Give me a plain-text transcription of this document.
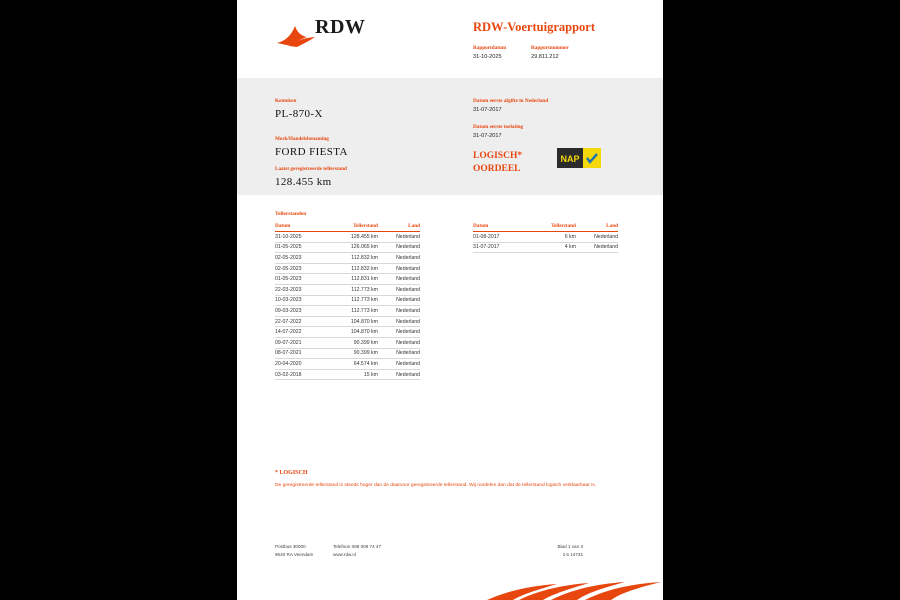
RDW	RDW-Voertuigrapport
Rapportdatum
31-10-2025
Rapportnummer
29.811.212
Kenteken
PL-870-X
Merk/Handelsbenaming
FORD FIESTA
Datum eerste afgifte in Nederland
31-07-2017
Datum eerste toelating
31-07-2017
LOGISCH*
OORDEEL
NAP
Laatst geregistreerde tellerstand
128.455 km
Tellerstanden
Datum	Tellerstand	Land
31-10-2025	128.455 km	Nederland
01-05-2025	126.065 km	Nederland
02-05-2023	112.832 km	Nederland
02-05-2023	112.832 km	Nederland
01-05-2023	112.831 km	Nederland
22-03-2023	112.773 km	Nederland
10-03-2023	112.773 km	Nederland
09-03-2023	112.773 km	Nederland
22-07-2022	104.870 km	Nederland
14-07-2022	104.870 km	Nederland
09-07-2021	90.399 km	Nederland
08-07-2021	90.399 km	Nederland
20-04-2020	64.574 km	Nederland
03-02-2018	15 km	Nederland
Datum	Tellerstand	Land
01-08-2017	6 km	Nederland
31-07-2017	4 km	Nederland
* LOGISCH
De geregistreerde tellerstand is steeds hoger dan de daarvoor geregistreerde tellerstand. Wij oordelen dan dat de tellerstand logisch verklaarbaar is.
Postbus 30000
9640 RA Veendam
Telefoon 088 008 74 47
www.rdw.nl
Blad 1 van 3
2.6 14731
